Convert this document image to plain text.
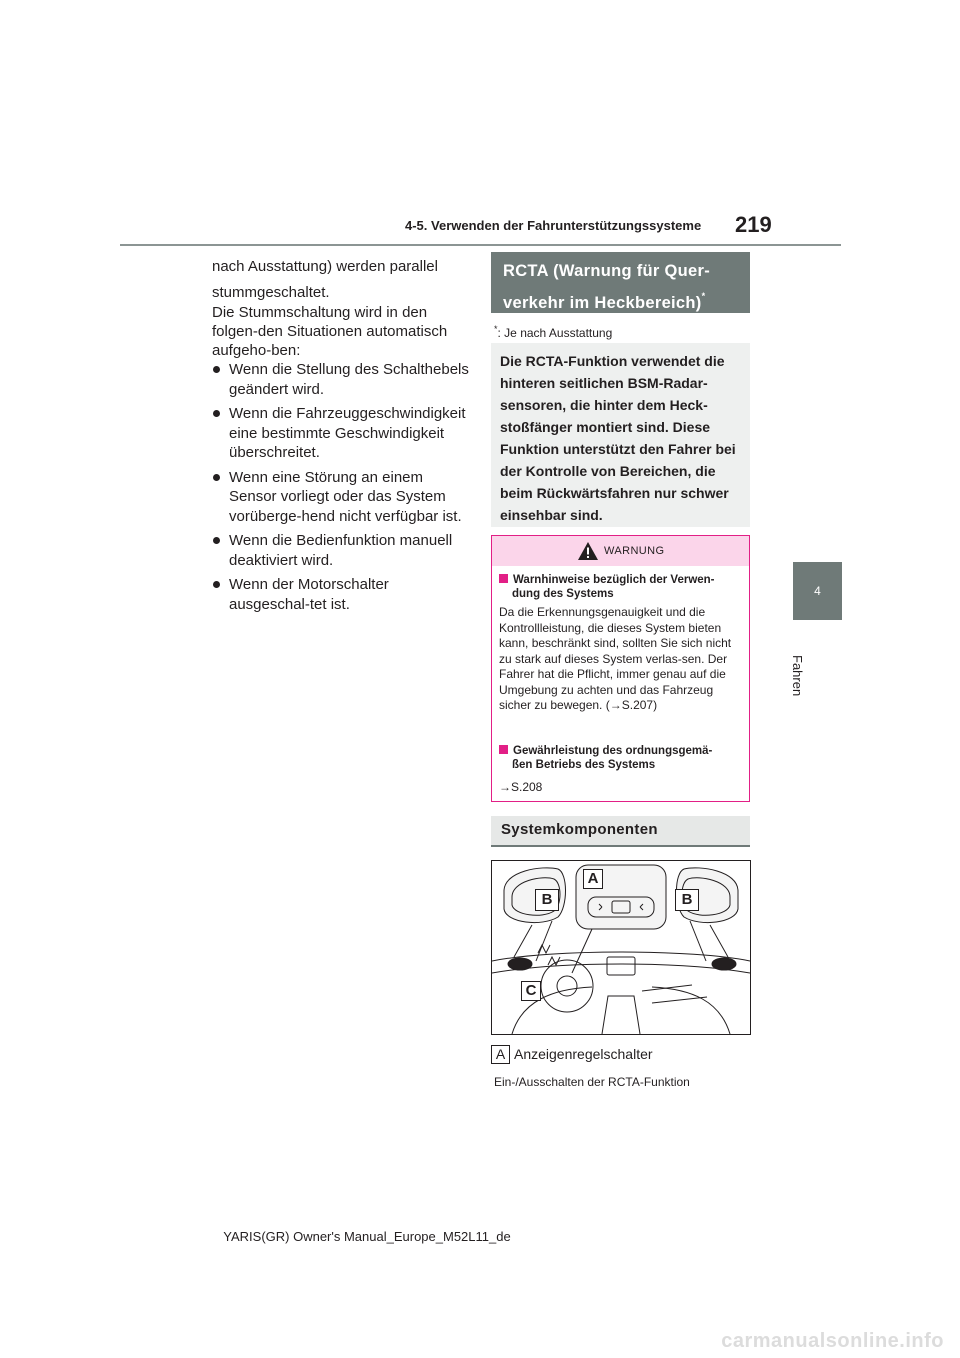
4-5. Verwenden der Fahrunterstützungssysteme 219
4
Fahren
nach Ausstattung) werden parallel
stummgeschaltet.
Die Stummschaltung wird in den folgen-den Situationen automatisch aufgeho-ben:
Wenn die Stellung des Schalthebels geändert wird.
Wenn die Fahrzeuggeschwindigkeit eine bestimmte Geschwindigkeit überschreitet.
Wenn eine Störung an einem Sensor vorliegt oder das System vorüberge-hend nicht verfügbar ist.
Wenn die Bedienfunktion manuell deaktiviert wird.
Wenn der Motorschalter ausgeschal-tet ist.
RCTA (Warnung für Quer-verkehr im Heckbereich)*
*: Je nach Ausstattung
Die RCTA-Funktion verwendet die hinteren seitlichen BSM-Radar-sensoren, die hinter dem Heck-stoßfänger montiert sind. Diese Funktion unterstützt den Fahrer bei der Kontrolle von Bereichen, die beim Rückwärtsfahren nur schwer einsehbar sind.
WARNUNG
Warnhinweise bezüglich der Verwen-
dung des Systems
Da die Erkennungsgenauigkeit und die Kontrollleistung, die dieses System bieten kann, beschränkt sind, sollten Sie sich nicht zu stark auf dieses System verlas-sen. Der Fahrer hat die Pflicht, immer genau auf die Umgebung zu achten und das Fahrzeug sicher zu bewegen. (→S.207)
Gewährleistung des ordnungsgemä-
ßen Betriebs des Systems
→S.208
Systemkomponenten
B
A
B
C
A Anzeigenregelschalter
Ein-/Ausschalten der RCTA-Funktion
YARIS(GR) Owner's Manual_Europe_M52L11_de
carmanualsonline.info
